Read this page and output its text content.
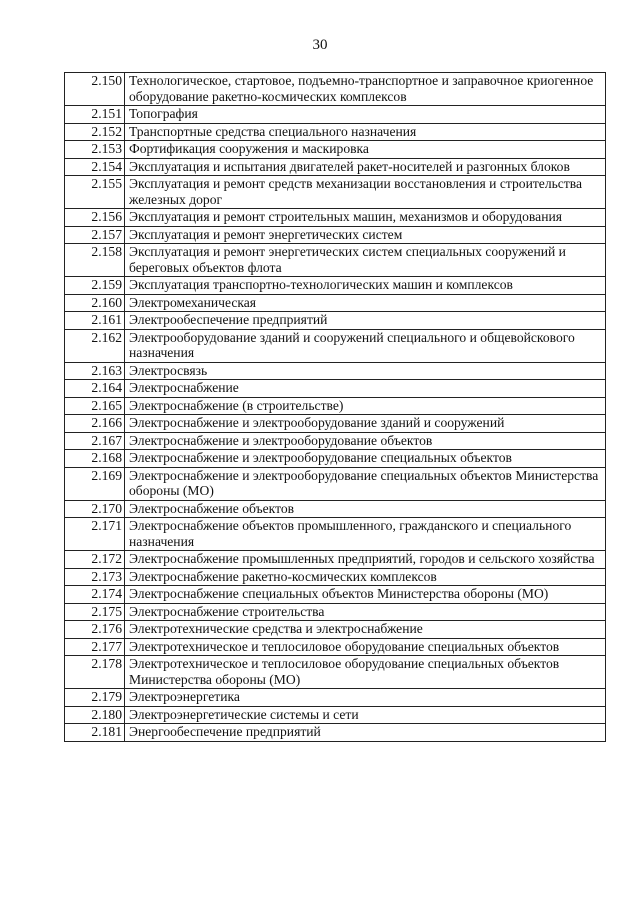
30
2.150	Технологическое, стартовое, подъемно-транспортное и заправочное криогенное оборудование ракетно-космических комплексов
2.151	Топография
2.152	Транспортные средства специального назначения
2.153	Фортификация сооружения и маскировка
2.154	Эксплуатация и испытания двигателей ракет-носителей и разгонных блоков
2.155	Эксплуатация и ремонт средств механизации восстановления и строительства железных дорог
2.156	Эксплуатация и ремонт строительных машин, механизмов и оборудования
2.157	Эксплуатация и ремонт энергетических систем
2.158	Эксплуатация и ремонт энергетических систем специальных сооружений и береговых объектов флота
2.159	Эксплуатация транспортно-технологических машин и комплексов
2.160	Электромеханическая
2.161	Электрообеспечение предприятий
2.162	Электрооборудование зданий и сооружений специального и общевойскового назначения
2.163	Электросвязь
2.164	Электроснабжение
2.165	Электроснабжение (в строительстве)
2.166	Электроснабжение и электрооборудование зданий и сооружений
2.167	Электроснабжение и электрооборудование объектов
2.168	Электроснабжение и электрооборудование специальных объектов
2.169	Электроснабжение и электрооборудование специальных объектов Министерства обороны (МО)
2.170	Электроснабжение объектов
2.171	Электроснабжение объектов промышленного, гражданского и специального назначения
2.172	Электроснабжение промышленных предприятий, городов и сельского хозяйства
2.173	Электроснабжение ракетно-космических комплексов
2.174	Электроснабжение специальных объектов Министерства обороны (МО)
2.175	Электроснабжение строительства
2.176	Электротехнические средства и электроснабжение
2.177	Электротехническое и теплосиловое оборудование специальных объектов
2.178	Электротехническое и теплосиловое оборудование специальных объектов Министерства обороны (МО)
2.179	Электроэнергетика
2.180	Электроэнергетические системы и сети
2.181	Энергообеспечение предприятий
